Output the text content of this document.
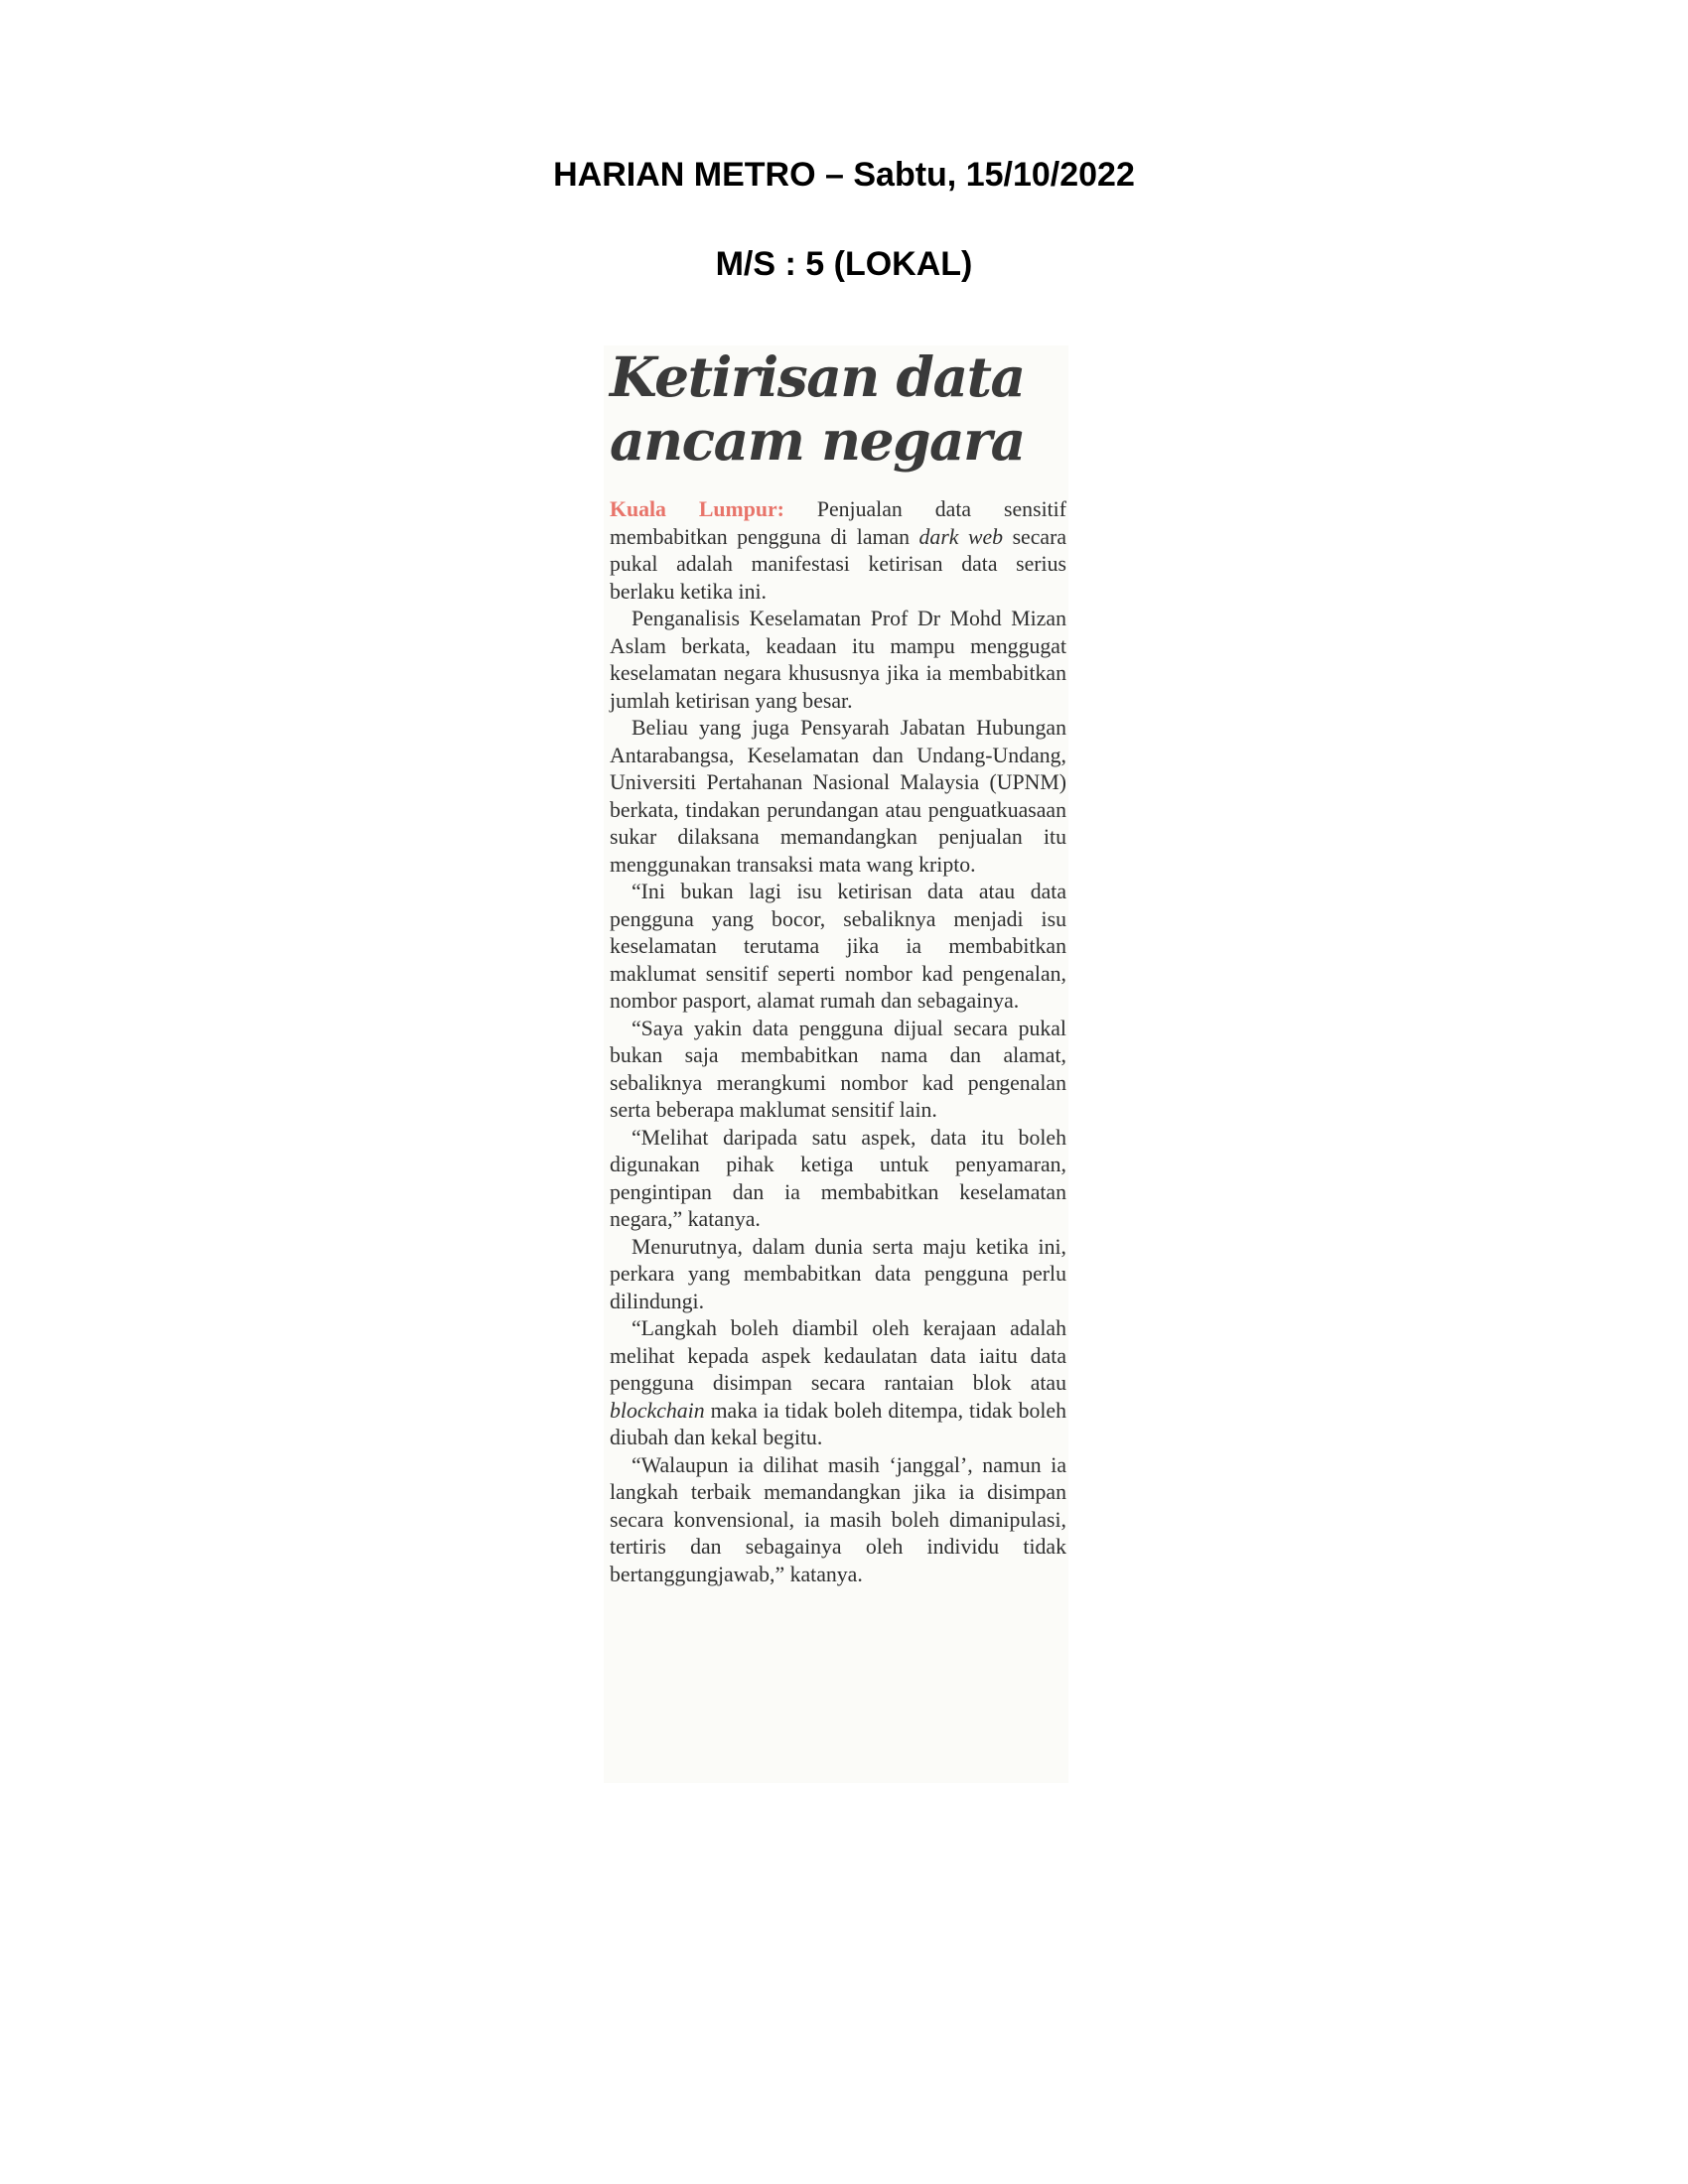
HARIAN METRO – Sabtu, 15/10/2022
M/S : 5 (LOKAL)
Ketirisan data
ancam negara

Kuala Lumpur: Penjualan data sensitif membabitkan pengguna di laman dark web secara pukal adalah manifestasi ketirisan data serius berlaku ketika ini.

Penganalisis Keselamatan Prof Dr Mohd Mizan Aslam berkata, keadaan itu mampu menggugat keselamatan negara khususnya jika ia membabitkan jumlah ketirisan yang besar.

Beliau yang juga Pensyarah Jabatan Hubungan Antarabangsa, Keselamatan dan Undang-Undang, Universiti Pertahanan Nasional Malaysia (UPNM) berkata, tindakan perundangan atau penguatkuasaan sukar dilaksana memandangkan penjualan itu menggunakan transaksi mata wang kripto.

“Ini bukan lagi isu ketirisan data atau data pengguna yang bocor, sebaliknya menjadi isu keselamatan terutama jika ia membabitkan maklumat sensitif seperti nombor kad pengenalan, nombor pasport, alamat rumah dan sebagainya.

“Saya yakin data pengguna dijual secara pukal bukan saja membabitkan nama dan alamat, sebaliknya merangkumi nombor kad pengenalan serta beberapa maklumat sensitif lain.

“Melihat daripada satu aspek, data itu boleh digunakan pihak ketiga untuk penyamaran, pengintipan dan ia membabitkan keselamatan negara,” katanya.

Menurutnya, dalam dunia serta maju ketika ini, perkara yang membabitkan data pengguna perlu dilindungi.

“Langkah boleh diambil oleh kerajaan adalah melihat kepada aspek kedaulatan data iaitu data pengguna disimpan secara rantaian blok atau blockchain maka ia tidak boleh ditempa, tidak boleh diubah dan kekal begitu.

“Walaupun ia dilihat masih ‘janggal’, namun ia langkah terbaik memandangkan jika ia disimpan secara konvensional, ia masih boleh dimanipulasi, tertiris dan sebagainya oleh individu tidak bertanggungjawab,” katanya.
